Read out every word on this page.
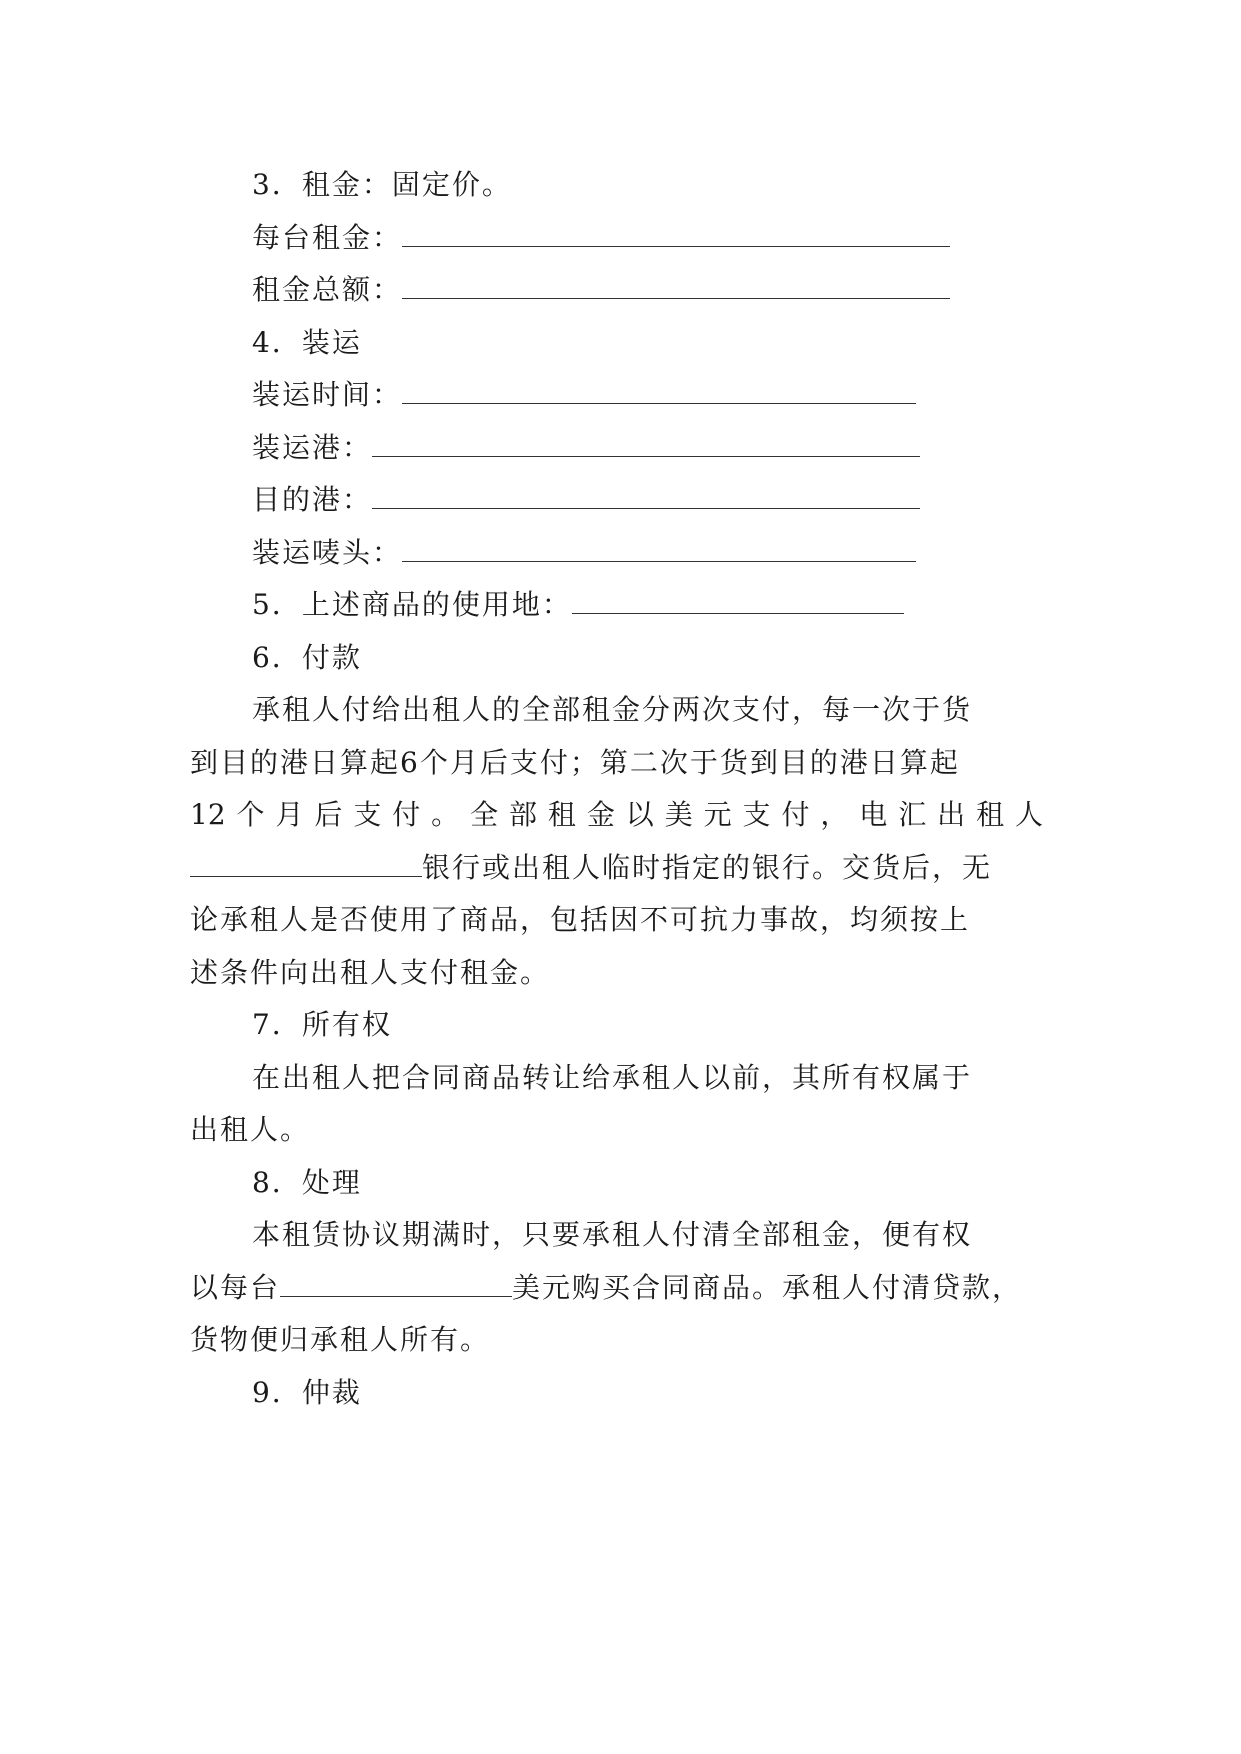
3．租金：固定价。
每台租金：
租金总额：
4．装运
装运时间：
装运港：
目的港：
装运唛头：
5．上述商品的使用地：
6．付款
承租人付给出租人的全部租金分两次支付，每一次于货
到目的港日算起6个月后支付；第二次于货到目的港日算起
12 个 月 后 支 付 。 全 部 租 金 以 美 元 支 付 ， 电 汇 出 租 人
银行或出租人临时指定的银行。交货后，无
论承租人是否使用了商品，包括因不可抗力事故，均须按上
述条件向出租人支付租金。
7．所有权
在出租人把合同商品转让给承租人以前，其所有权属于
出租人。
8．处理
本租赁协议期满时，只要承租人付清全部租金，便有权
以每台	美元购买合同商品。承租人付清贷款，
货物便归承租人所有。
9．仲裁
